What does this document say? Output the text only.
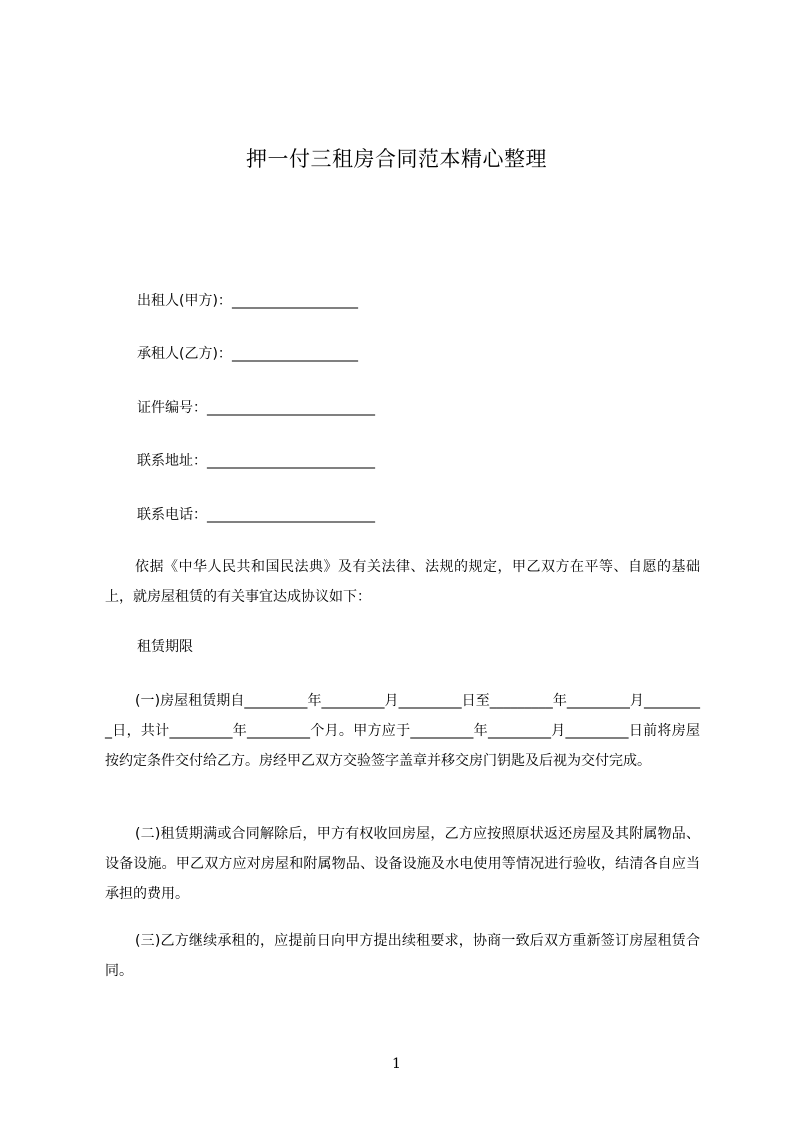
押一付三租房合同范本精心整理
出租人(甲方)：__________________
承租人(乙方)：__________________
证件编号：________________________
联系地址：________________________
联系电话：________________________

依据《中华人民共和国民法典》及有关法律、法规的规定，甲乙双方在平等、自愿的基础上，就房屋租赁的有关事宜达成协议如下：

租赁期限

(一)房屋租赁期自_________年_________月_________日至_________年_________月_________日，共计_________年_________个月。甲方应于_________年_________月_________日前将房屋按约定条件交付给乙方。房经甲乙双方交验签字盖章并移交房门钥匙及后视为交付完成。

(二)租赁期满或合同解除后，甲方有权收回房屋，乙方应按照原状返还房屋及其附属物品、设备设施。甲乙双方应对房屋和附属物品、设备设施及水电使用等情况进行验收，结清各自应当承担的费用。

(三)乙方继续承租的，应提前日向甲方提出续租要求，协商一致后双方重新签订房屋租赁合同。

1
